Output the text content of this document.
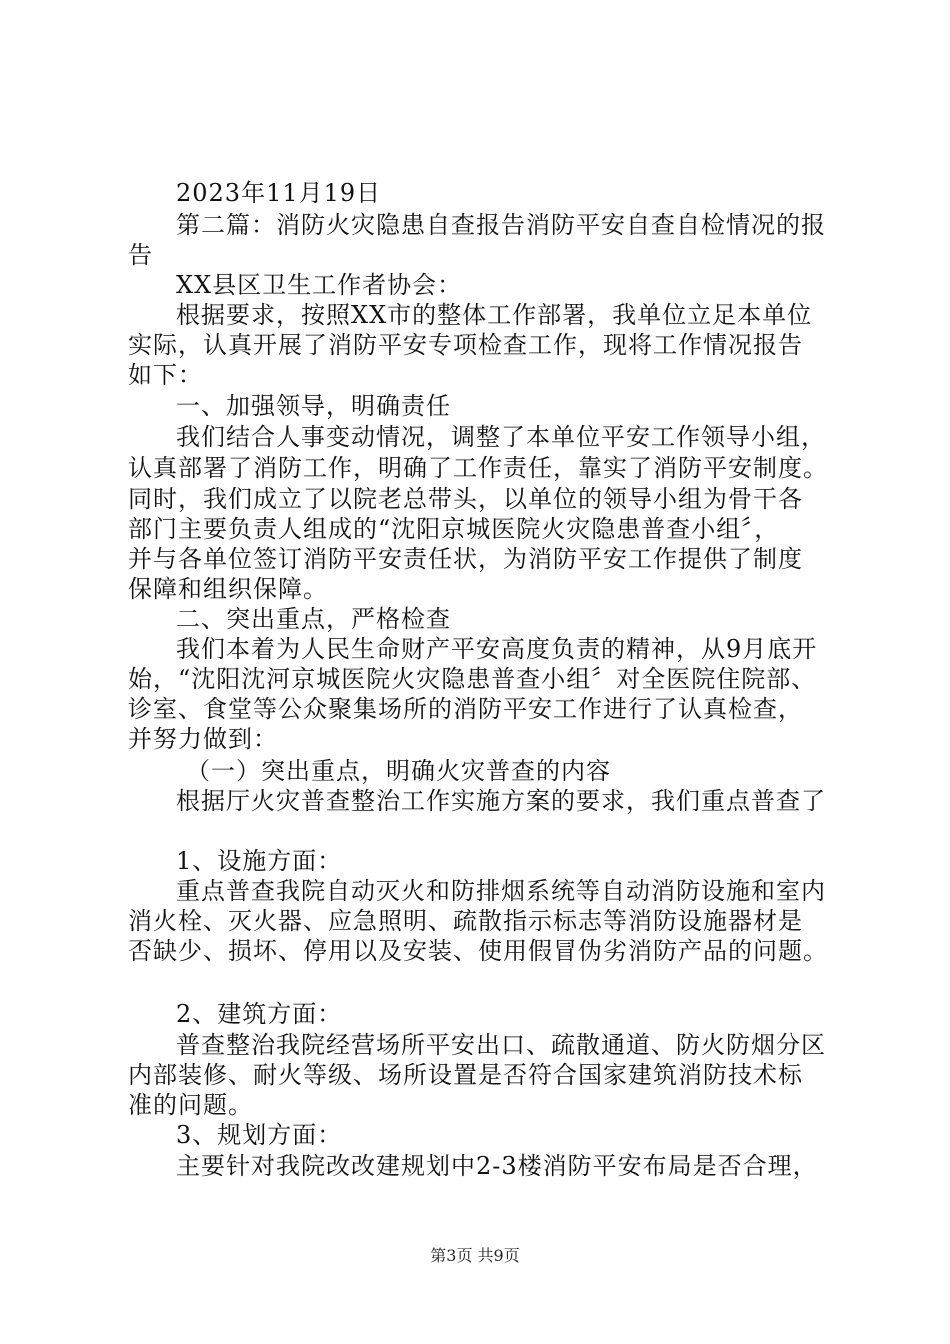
2023年11月19日
第二篇：消防火灾隐患自查报告消防平安自查自检情况的报
告
XX县区卫生工作者协会：
根据要求，按照XX市的整体工作部署，我单位立足本单位
实际，认真开展了消防平安专项检查工作，现将工作情况报告
如下：
一、加强领导，明确责任
我们结合人事变动情况，调整了本单位平安工作领导小组，
认真部署了消防工作，明确了工作责任，靠实了消防平安制度。
同时，我们成立了以院老总带头，以单位的领导小组为骨干各
部门主要负责人组成的“沈阳京城医院火灾隐患普查小组〞，
并与各单位签订消防平安责任状，为消防平安工作提供了制度
保障和组织保障。
二、突出重点，严格检查
我们本着为人民生命财产平安高度负责的精神，从9月底开
始，“沈阳沈河京城医院火灾隐患普查小组〞对全医院住院部、
诊室、食堂等公众聚集场所的消防平安工作进行了认真检查，
并努力做到：
（一）突出重点，明确火灾普查的内容
根据厅火灾普查整治工作实施方案的要求，我们重点普查了
1、设施方面：
重点普查我院自动灭火和防排烟系统等自动消防设施和室内
消火栓、灭火器、应急照明、疏散指示标志等消防设施器材是
否缺少、损坏、停用以及安装、使用假冒伪劣消防产品的问题。
2、建筑方面：
普查整治我院经营场所平安出口、疏散通道、防火防烟分区
内部装修、耐火等级、场所设置是否符合国家建筑消防技术标
准的问题。
3、规划方面：
主要针对我院改改建规划中2-3楼消防平安布局是否合理，
第3页 共9页
